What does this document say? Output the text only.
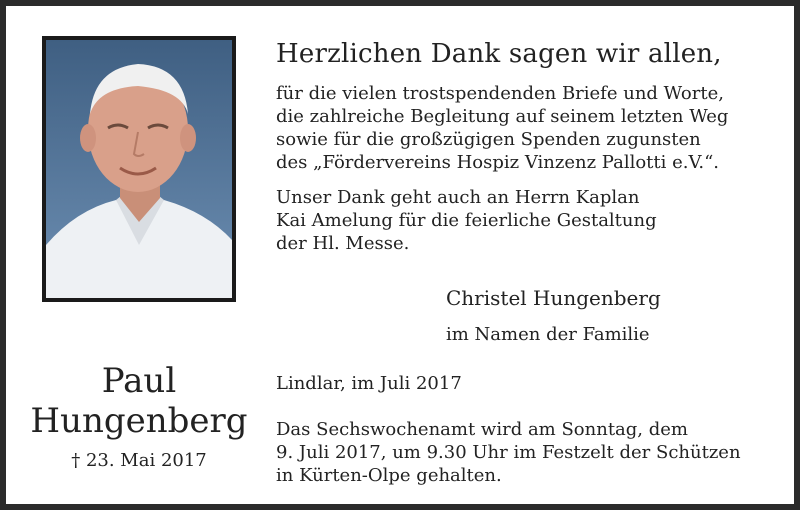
Herzlichen Dank sagen wir allen,

für die vielen trostspendenden Briefe und Worte,

die zahlreiche Begleitung auf seinem letzten Weg

sowie für die großzügigen Spenden zugunsten

des „Fördervereins Hospiz Vinzenz Pallotti e.V.“.

Unser Dank geht auch an Herrn Kaplan

Kai Amelung für die feierliche Gestaltung

der Hl. Messe.

Christel Hungenberg
im Namen der Familie
Lindlar, im Juli 2017

Das Sechswochenamt wird am Sonntag, dem

9. Juli 2017, um 9.30 Uhr im Festzelt der Schützen

in Kürten-Olpe gehalten.

Paul
Hungenberg
† 23. Mai 2017
